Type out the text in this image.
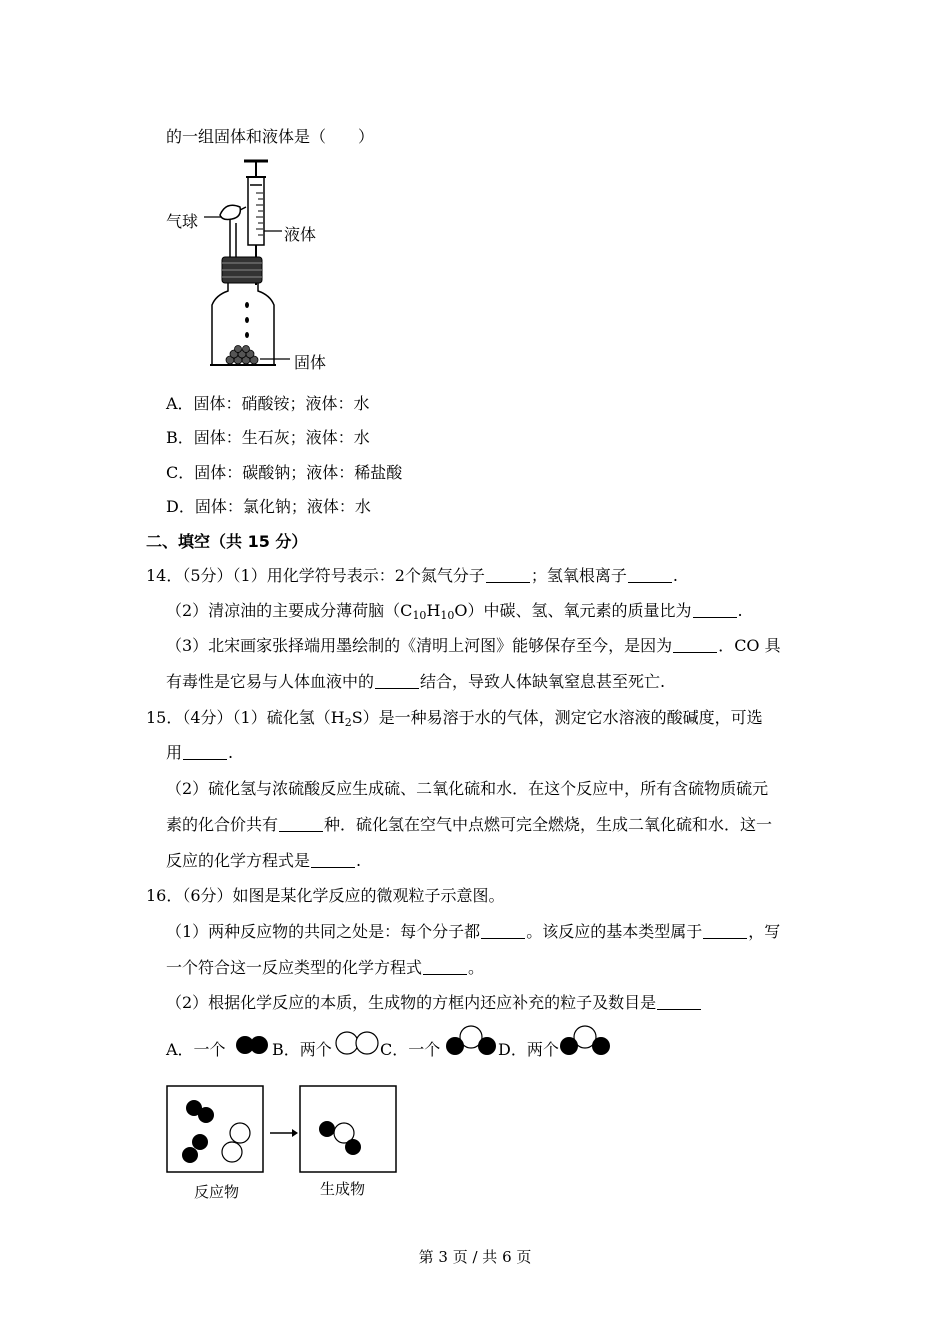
的一组固体和液体是（　　）
气球
液体
固体
A．固体：硝酸铵；液体：水
B．固体：生石灰；液体：水
C．固体：碳酸钠；液体：稀盐酸
D．固体：氯化钠；液体：水
二、填空（共 15 分）
14．（5分）（1）用化学符号表示：2个氮气分子	；氢氧根离子	.
（2）清凉油的主要成分薄荷脑$(C_{10}H_{10}O)$中碳、氢、氧元素的质量比为	.
（3）北宋画家张择端用墨绘制的《清明上河图》能够保存至今，是因为	．CO 具
有毒性是它易与人体血液中的	结合，导致人体缺氧窒息甚至死亡.
15．（4分）（1）硫化氢$(H_2S)$是一种易溶于水的气体，测定它水溶液的酸碱度，可选
用	.
（2）硫化氢与浓硫酸反应生成硫、二氧化硫和水．在这个反应中，所有含硫物质硫元
素的化合价共有	种．硫化氢在空气中点燃可完全燃烧，生成二氧化硫和水．这一
反应的化学方程式是	.
16．（6分）如图是某化学反应的微观粒子示意图。
（1）两种反应物的共同之处是：每个分子都	。该反应的基本类型属于	，写
一个符合这一反应类型的化学方程式	。
（2）根据化学反应的本质，生成物的方框内还应补充的粒子及数目是
A．一个	B．两个	C．一个	D．两个
反应物	生成物
第 3 页 / 共 6 页
